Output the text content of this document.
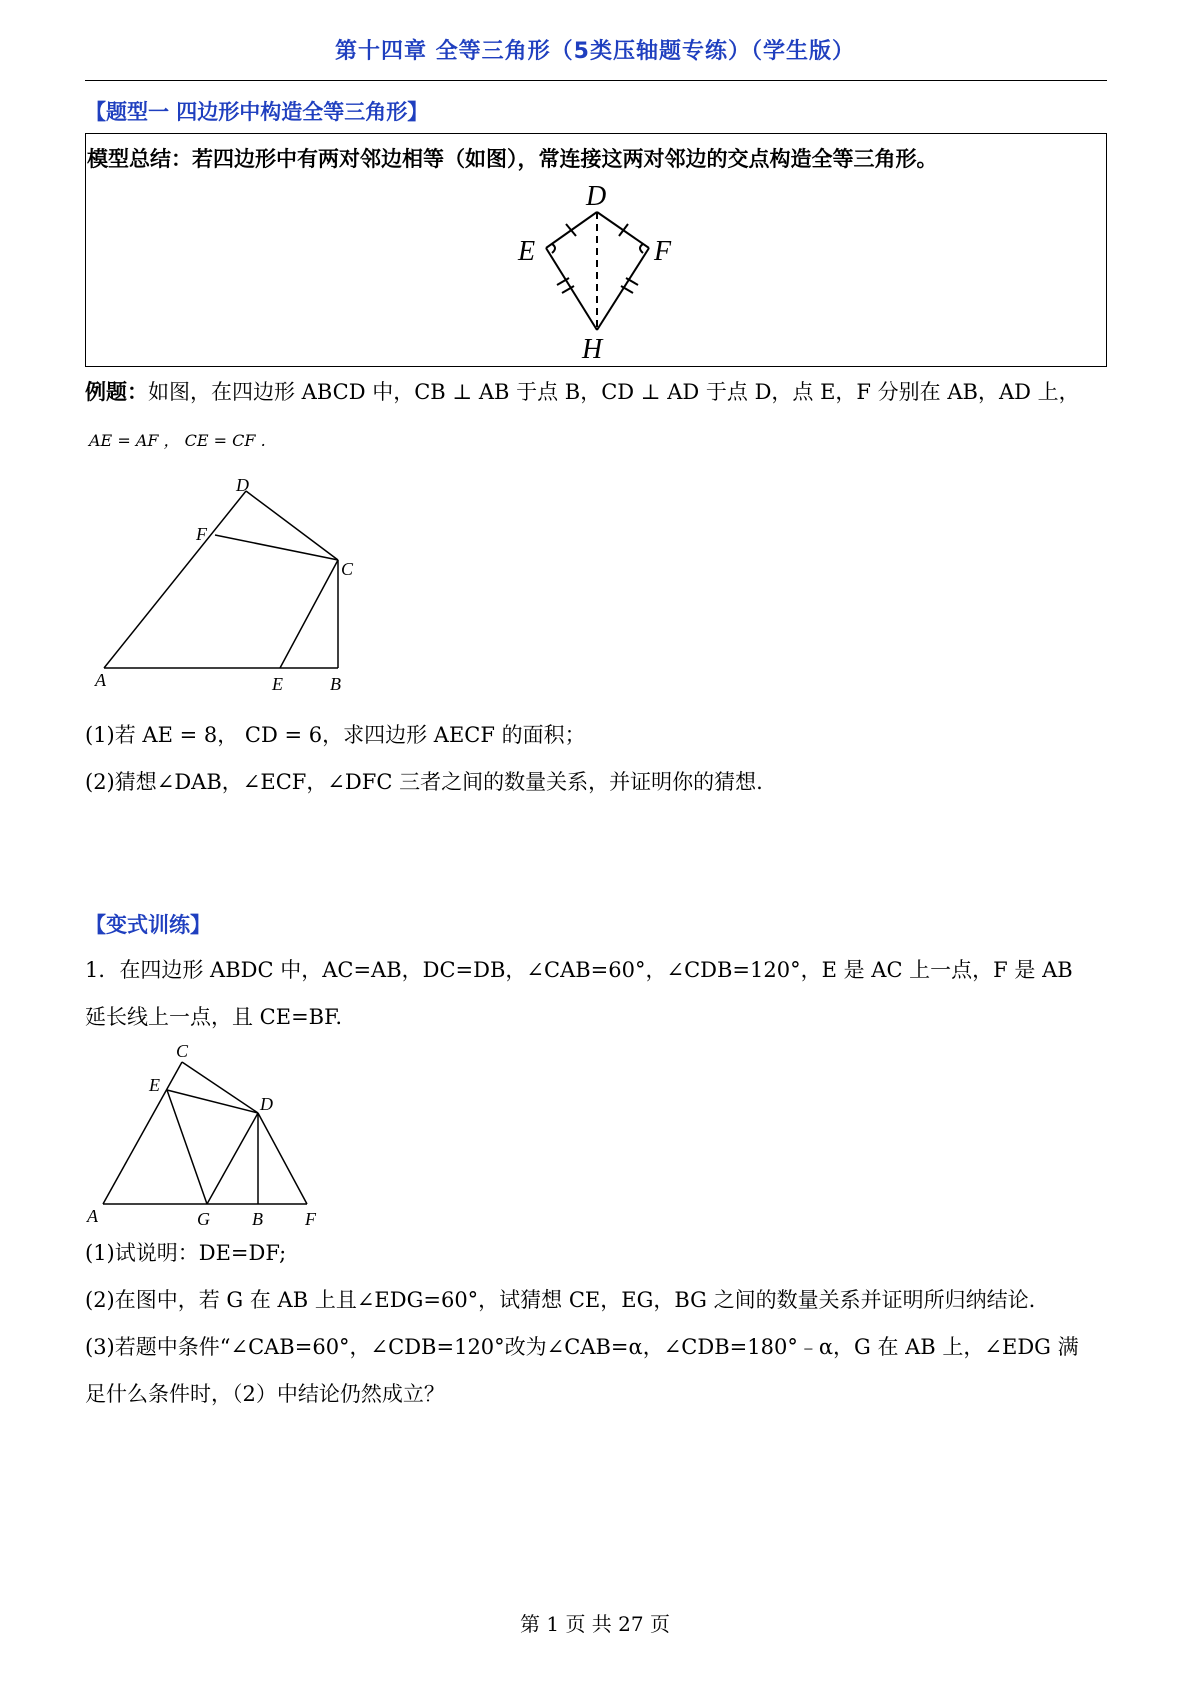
第十四章 全等三角形（5类压轴题专练）（学生版）
【题型一 四边形中构造全等三角形】
模型总结：若四边形中有两对邻边相等（如图），常连接这两对邻边的交点构造全等三角形。
D
E	F
H
D
F
C
A	E	B
C
E
D
A	G B F
例题：如图，在四边形 ABCD 中，CB ⊥ AB 于点 B，CD ⊥ AD 于点 D，点 E，F 分别在 AB，AD 上，
AE = AF ， CE = CF .
(1)若 AE = 8， CD = 6，求四边形 AECF 的面积；
(2)猜想∠DAB，∠ECF，∠DFC 三者之间的数量关系，并证明你的猜想.
【变式训练】
1．在四边形 ABDC 中，AC=AB，DC=DB，∠CAB=60°，∠CDB=120°，E 是 AC 上一点，F 是 AB
延长线上一点，且 CE=BF.
(1)试说明：DE=DF;
(2)在图中，若 G 在 AB 上且∠EDG=60°，试猜想 CE，EG，BG 之间的数量关系并证明所归纳结论.
(3)若题中条件“∠CAB=60°，∠CDB=120°改为∠CAB=α，∠CDB=180°﹣α，G 在 AB 上，∠EDG 满
足什么条件时，（2）中结论仍然成立？
第 1 页 共 27 页
